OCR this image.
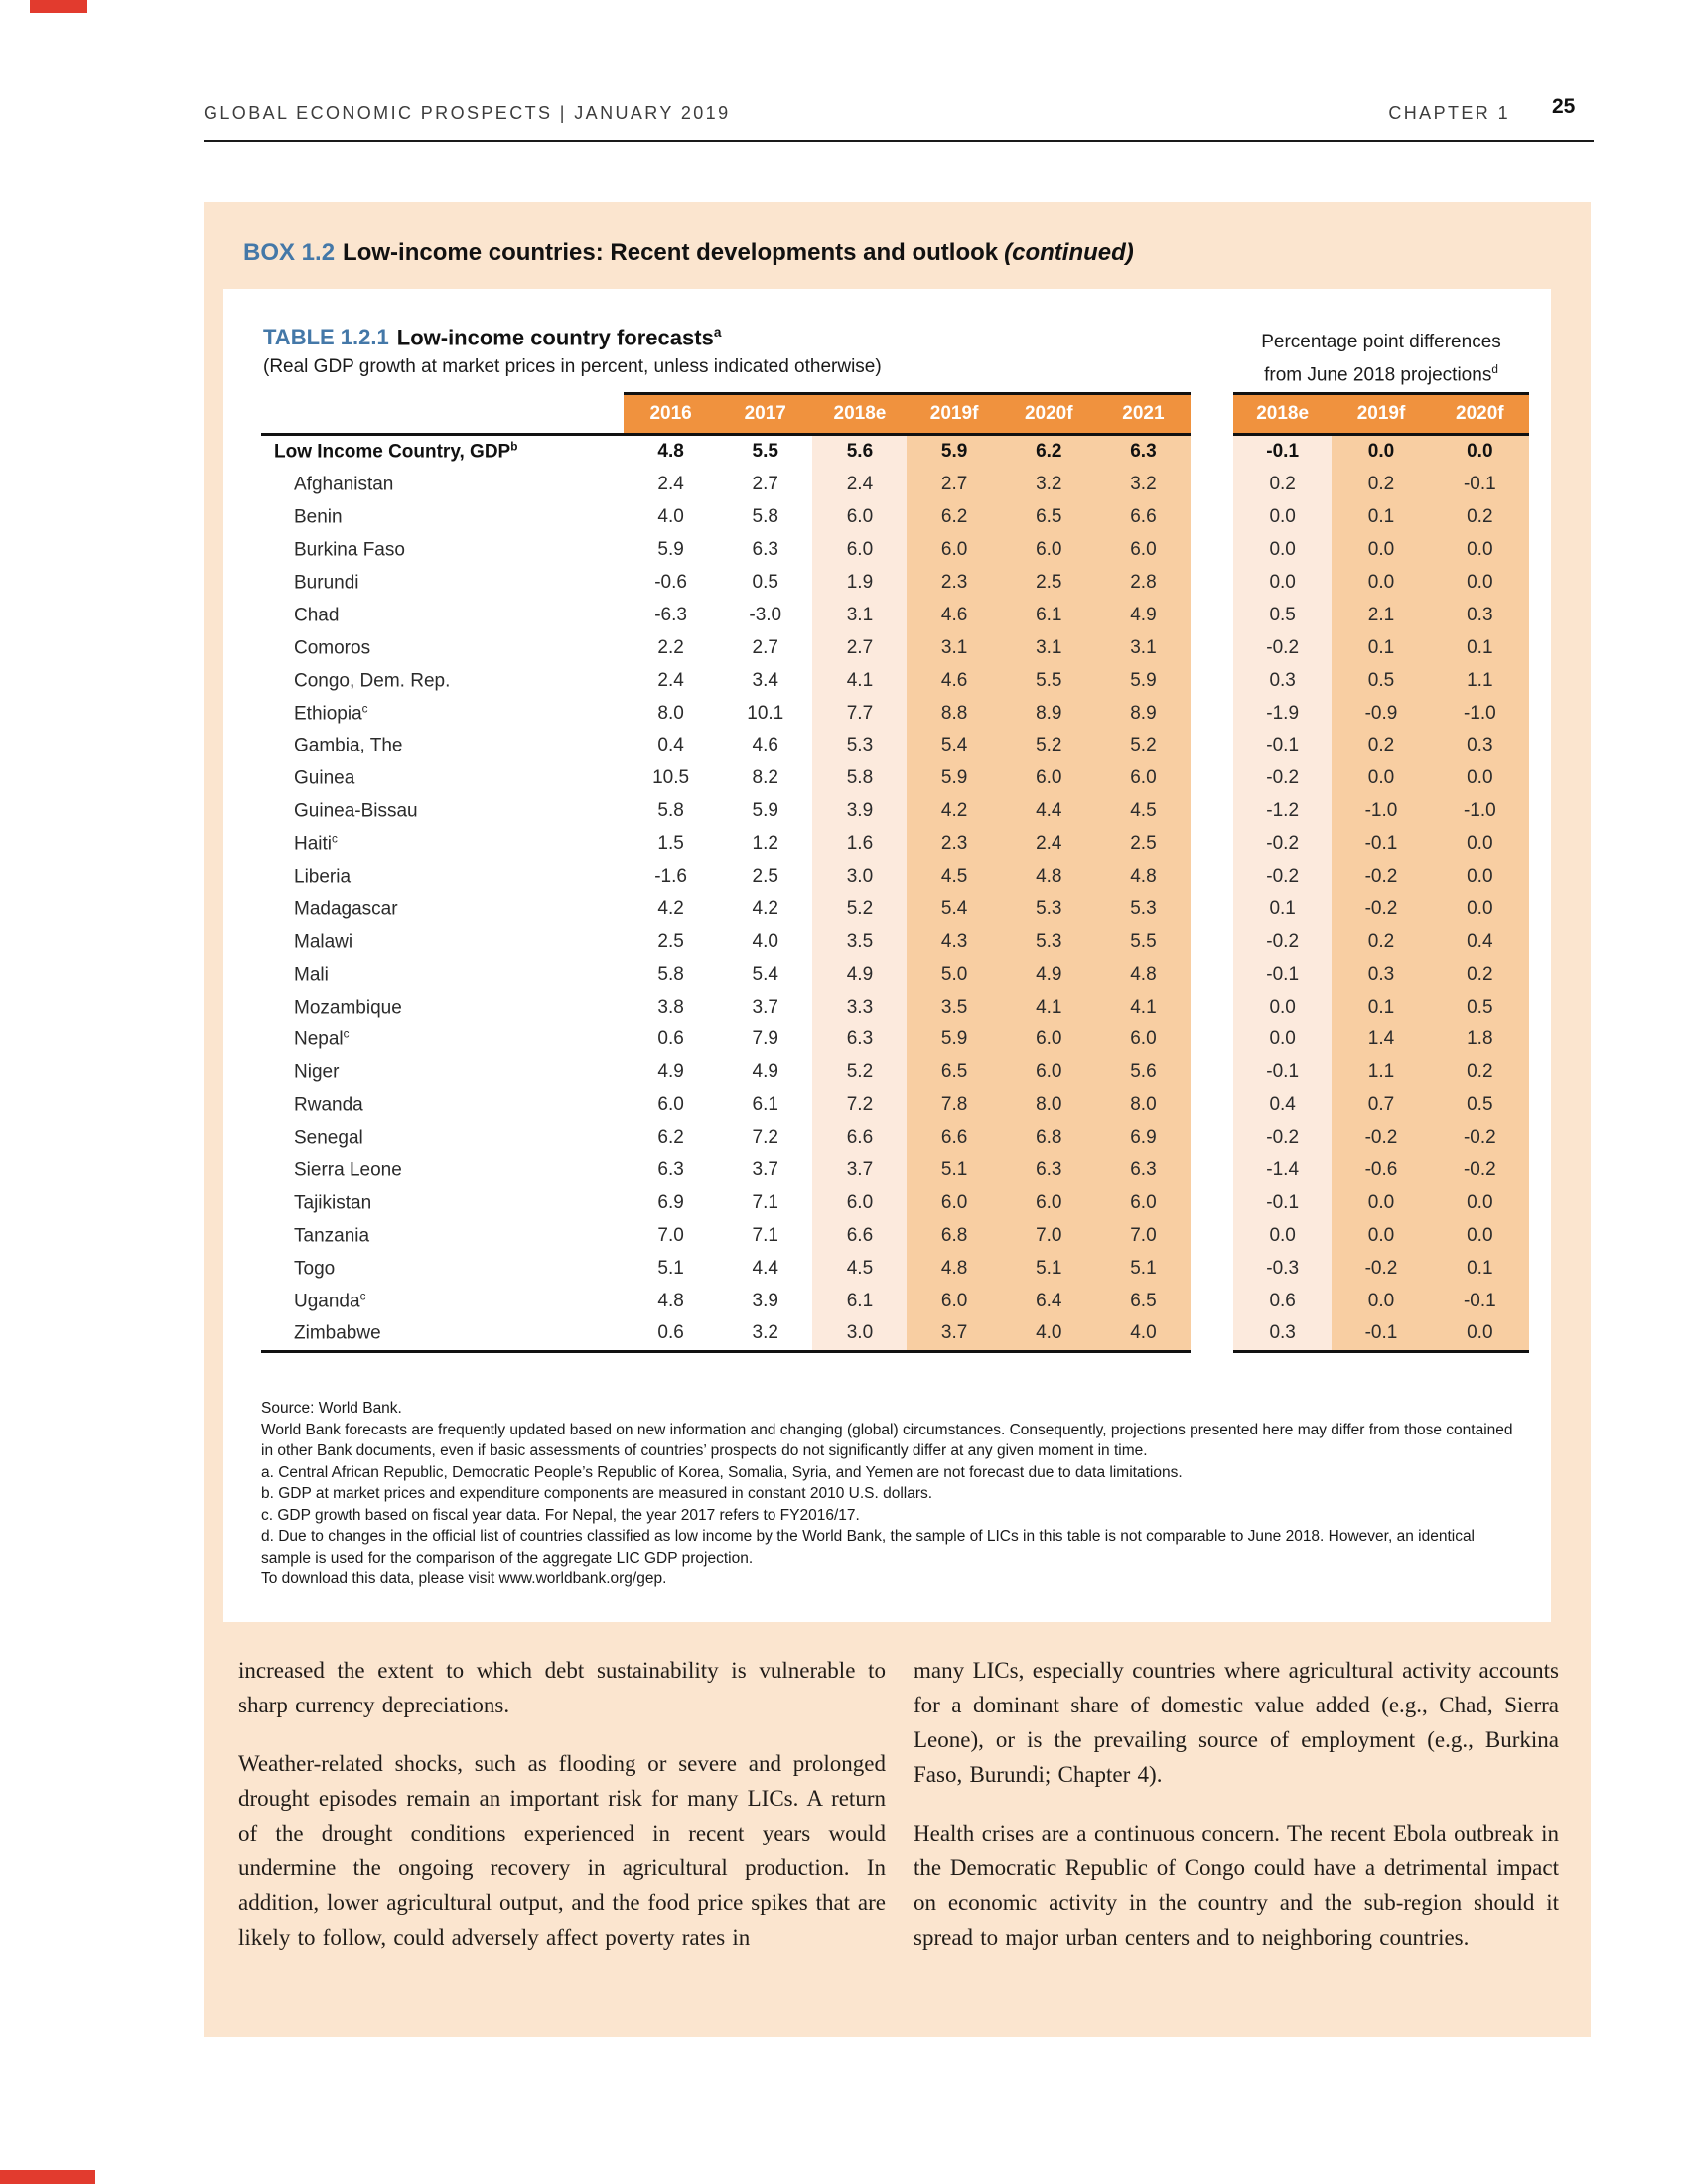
GLOBAL ECONOMIC PROSPECTS | JANUARY 2019	CHAPTER 1 25
BOX 1.2 Low-income countries: Recent developments and outlook (continued)
TABLE 1.2.1 Low-income country forecasts$^a$
(Real GDP growth at market prices in percent, unless indicated otherwise)
Percentage point differences
from June 2018 projections$^d$
2016	2017	2018e	2019f	2020f	2021	2018e	2019f	2020f
Low Income Country, GDP$^b$	4.8	5.5	5.6	5.9	6.2	6.3	-0.1	0.0	0.0
Afghanistan	2.4	2.7	2.4	2.7	3.2	3.2	0.2	0.2	-0.1
Benin	4.0	5.8	6.0	6.2	6.5	6.6	0.0	0.1	0.2
Burkina Faso	5.9	6.3	6.0	6.0	6.0	6.0	0.0	0.0	0.0
Burundi	-0.6	0.5	1.9	2.3	2.5	2.8	0.0	0.0	0.0
Chad	-6.3	-3.0	3.1	4.6	6.1	4.9	0.5	2.1	0.3
Comoros	2.2	2.7	2.7	3.1	3.1	3.1	-0.2	0.1	0.1
Congo, Dem. Rep.	2.4	3.4	4.1	4.6	5.5	5.9	0.3	0.5	1.1
Ethiopia$^c$	8.0	10.1	7.7	8.8	8.9	8.9	-1.9	-0.9	-1.0
Gambia, The	0.4	4.6	5.3	5.4	5.2	5.2	-0.1	0.2	0.3
Guinea	10.5	8.2	5.8	5.9	6.0	6.0	-0.2	0.0	0.0
Guinea-Bissau	5.8	5.9	3.9	4.2	4.4	4.5	-1.2	-1.0	-1.0
Haiti$^c$	1.5	1.2	1.6	2.3	2.4	2.5	-0.2	-0.1	0.0
Liberia	-1.6	2.5	3.0	4.5	4.8	4.8	-0.2	-0.2	0.0
Madagascar	4.2	4.2	5.2	5.4	5.3	5.3	0.1	-0.2	0.0
Malawi	2.5	4.0	3.5	4.3	5.3	5.5	-0.2	0.2	0.4
Mali	5.8	5.4	4.9	5.0	4.9	4.8	-0.1	0.3	0.2
Mozambique	3.8	3.7	3.3	3.5	4.1	4.1	0.0	0.1	0.5
Nepal$^c$	0.6	7.9	6.3	5.9	6.0	6.0	0.0	1.4	1.8
Niger	4.9	4.9	5.2	6.5	6.0	5.6	-0.1	1.1	0.2
Rwanda	6.0	6.1	7.2	7.8	8.0	8.0	0.4	0.7	0.5
Senegal	6.2	7.2	6.6	6.6	6.8	6.9	-0.2	-0.2	-0.2
Sierra Leone	6.3	3.7	3.7	5.1	6.3	6.3	-1.4	-0.6	-0.2
Tajikistan	6.9	7.1	6.0	6.0	6.0	6.0	-0.1	0.0	0.0
Tanzania	7.0	7.1	6.6	6.8	7.0	7.0	0.0	0.0	0.0
Togo	5.1	4.4	4.5	4.8	5.1	5.1	-0.3	-0.2	0.1
Uganda$^c$	4.8	3.9	6.1	6.0	6.4	6.5	0.6	0.0	-0.1
Zimbabwe	0.6	3.2	3.0	3.7	4.0	4.0	0.3	-0.1	0.0

Source: World Bank.

World Bank forecasts are frequently updated based on new information and changing (global) circumstances. Consequently, projections presented here may differ from those contained in other Bank documents, even if basic assessments of countries’ prospects do not significantly differ at any given moment in time.

a. Central African Republic, Democratic People’s Republic of Korea, Somalia, Syria, and Yemen are not forecast due to data limitations.

b. GDP at market prices and expenditure components are measured in constant 2010 U.S. dollars.

c. GDP growth based on fiscal year data. For Nepal, the year 2017 refers to FY2016/17.

d. Due to changes in the official list of countries classified as low income by the World Bank, the sample of LICs in this table is not comparable to June 2018. However, an identical sample is used for the comparison of the aggregate LIC GDP projection.

To download this data, please visit www.worldbank.org/gep.

increased the extent to which debt sustainability is vulnerable to sharp currency depreciations.

Weather-related shocks, such as flooding or severe and prolonged drought episodes remain an important risk for many LICs. A return of the drought conditions experienced in recent years would undermine the ongoing recovery in agricultural production. In addition, lower agricultural output, and the food price spikes that are likely to follow, could adversely affect poverty rates in

many LICs, especially countries where agricultural activity accounts for a dominant share of domestic value added (e.g., Chad, Sierra Leone), or is the prevailing source of employment (e.g., Burkina Faso, Burundi; Chapter 4).

Health crises are a continuous concern. The recent Ebola outbreak in the Democratic Republic of Congo could have a detrimental impact on economic activity in the country and the sub-region should it spread to major urban centers and to neighboring countries.
